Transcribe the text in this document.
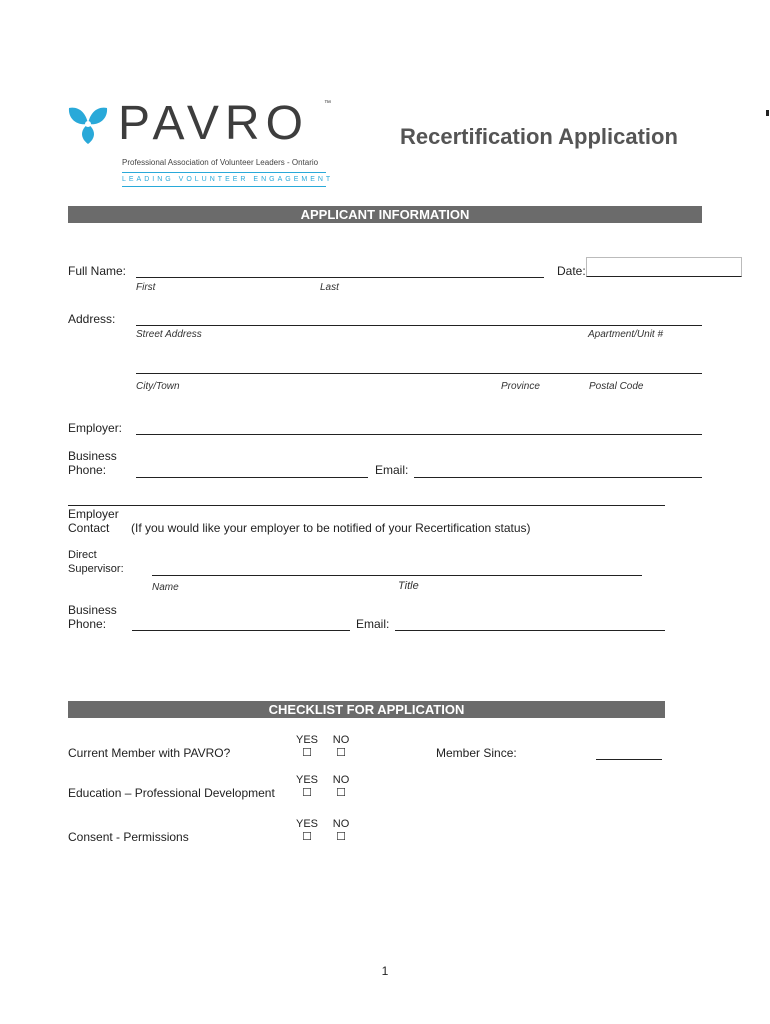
PAVRO ™
Professional Association of Volunteer Leaders - Ontario
LEADING VOLUNTEER ENGAGEMENT
Recertification Application
APPLICANT INFORMATION
Full Name:
First	Last
Date:
Address:
Street Address	Apartment/Unit #
City/Town	Province	Postal Code
Employer:
Business
Phone:	Email:
Employer
Contact (If you would like your employer to be notified of your Recertification status)
Direct
Supervisor:
Name	Title
Business
Phone:	Email:
CHECKLIST FOR APPLICATION
YES NO
Current Member with PAVRO?	☐	☐	Member Since:
YES NO
Education – Professional Development	☐	☐
YES NO
Consent - Permissions	☐	☐
1
